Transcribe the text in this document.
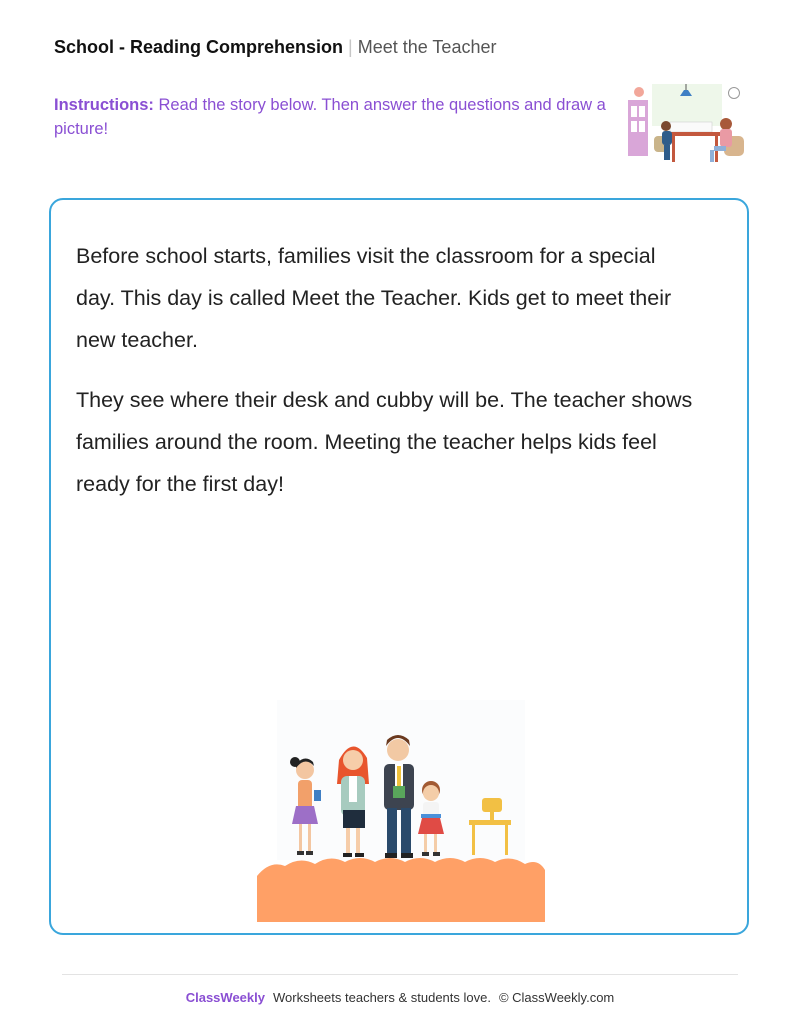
School - Reading Comprehension | Meet the Teacher
Instructions: Read the story below. Then answer the questions and draw a picture!

Before school starts, families visit the classroom for a special day. This day is called Meet the Teacher. Kids get to meet their new teacher.

They see where their desk and cubby will be. The teacher shows families around the room. Meeting the teacher helps kids feel ready for the first day!

ClassWeekly Worksheets teachers & students love. © ClassWeekly.com
